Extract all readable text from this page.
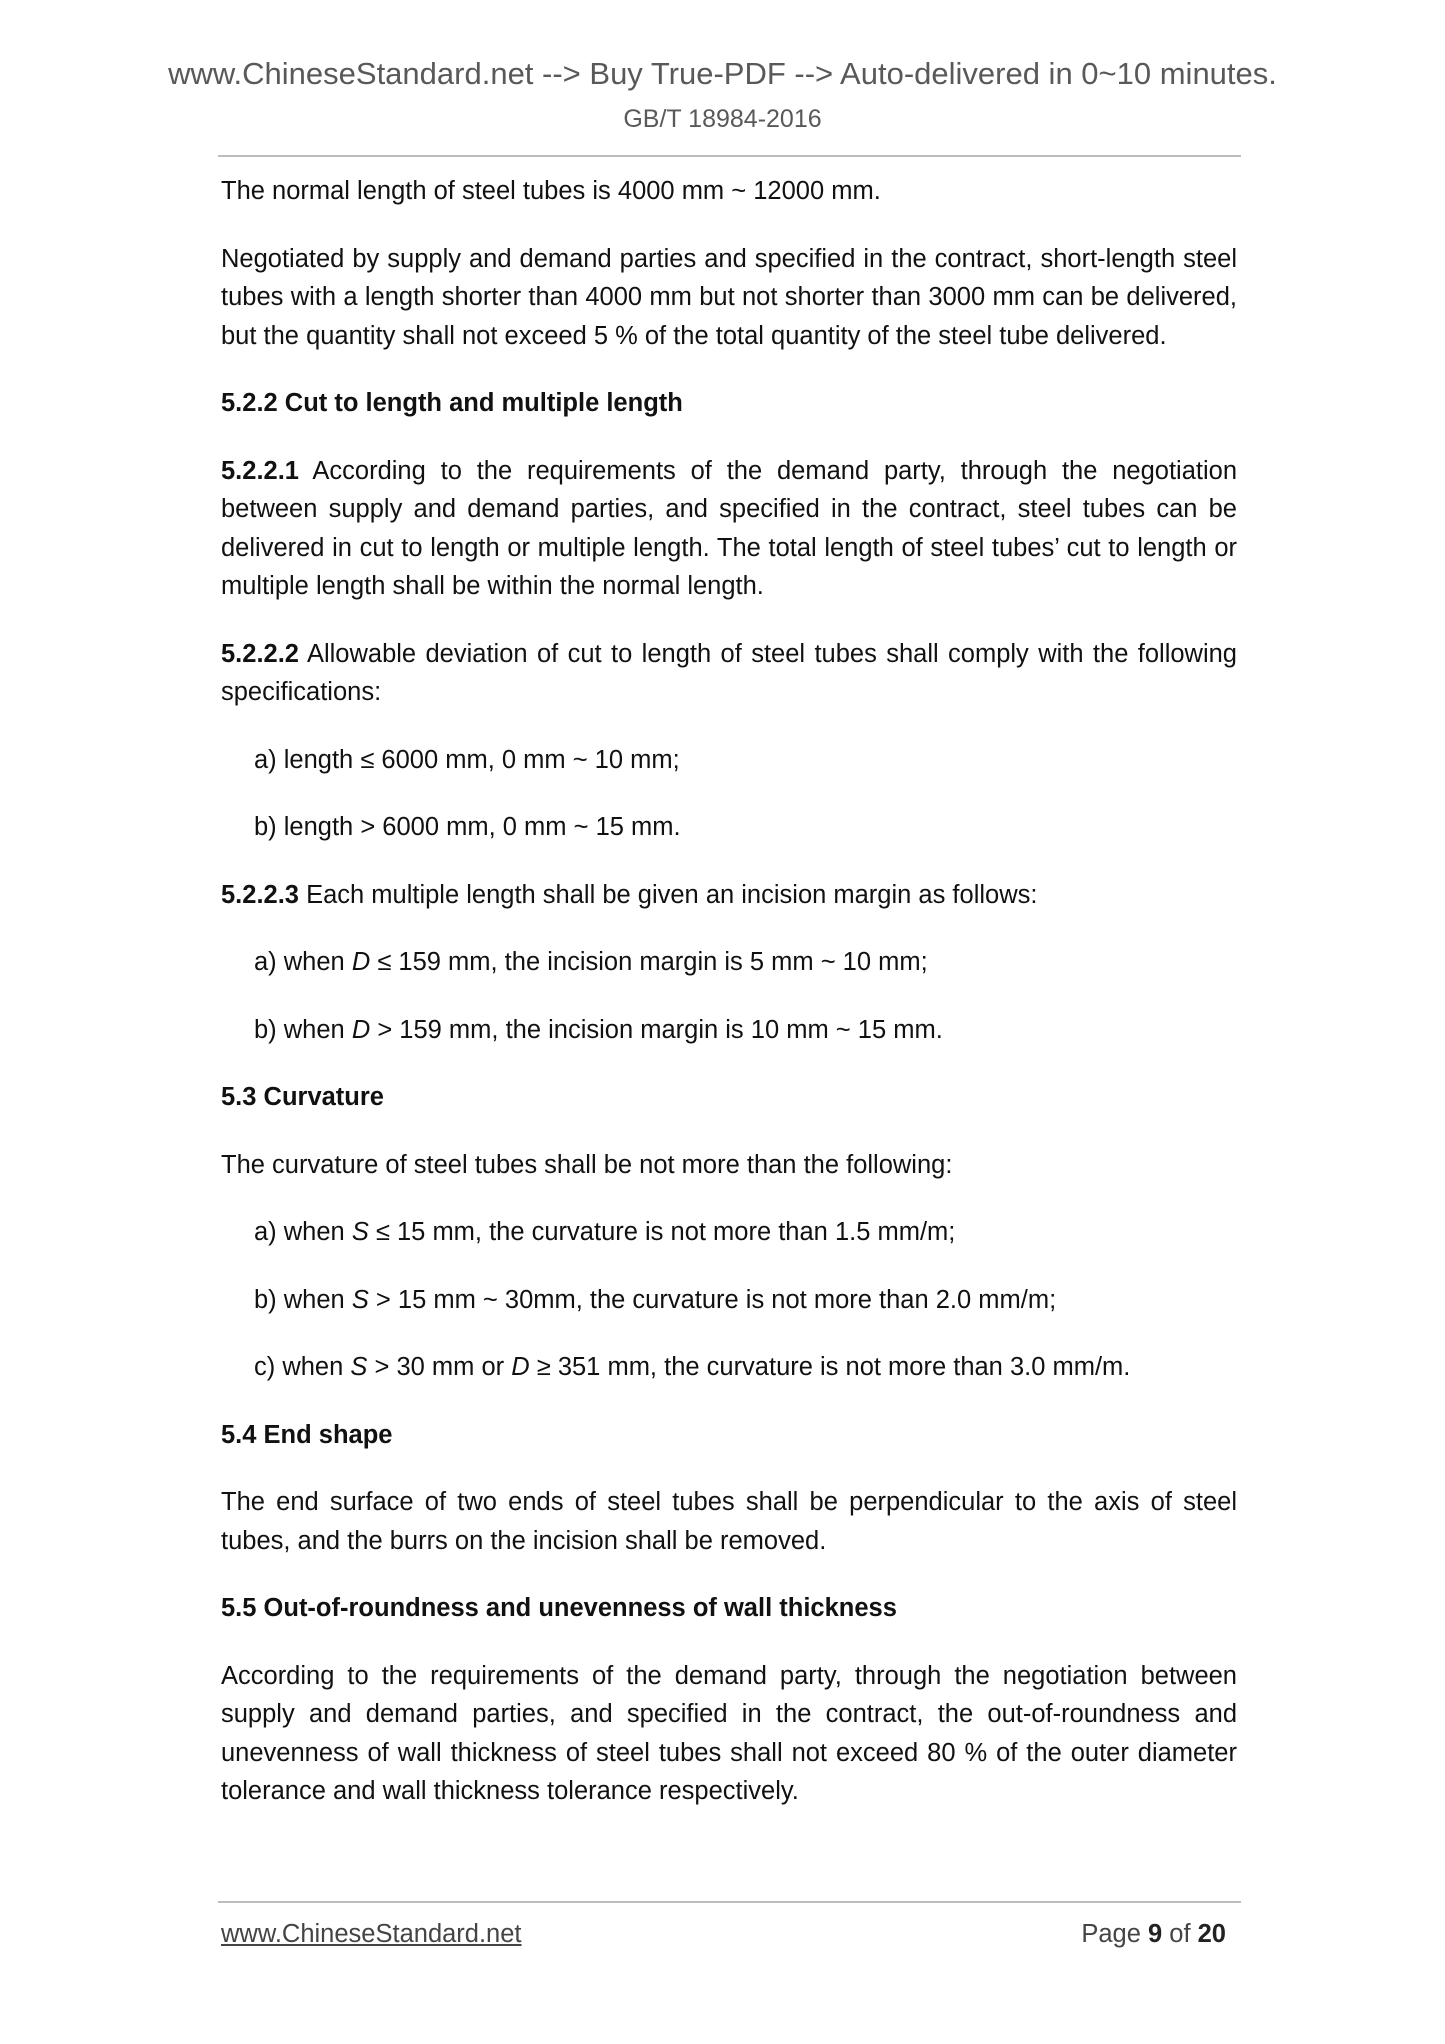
www.ChineseStandard.net --> Buy True-PDF --> Auto-delivered in 0~10 minutes.
GB/T 18984-2016

The normal length of steel tubes is 4000 mm ~ 12000 mm.

Negotiated by supply and demand parties and specified in the contract, short-length steel tubes with a length shorter than 4000 mm but not shorter than 3000 mm can be delivered, but the quantity shall not exceed 5 % of the total quantity of the steel tube delivered.

5.2.2 Cut to length and multiple length

5.2.2.1 According to the requirements of the demand party, through the negotiation between supply and demand parties, and specified in the contract, steel tubes can be delivered in cut to length or multiple length. The total length of steel tubes’ cut to length or multiple length shall be within the normal length.

5.2.2.2 Allowable deviation of cut to length of steel tubes shall comply with the following specifications:

a) length ≤ 6000 mm, 0 mm ~ 10 mm;

b) length > 6000 mm, 0 mm ~ 15 mm.

5.2.2.3 Each multiple length shall be given an incision margin as follows:

a) when D ≤ 159 mm, the incision margin is 5 mm ~ 10 mm;

b) when D > 159 mm, the incision margin is 10 mm ~ 15 mm.

5.3 Curvature

The curvature of steel tubes shall be not more than the following:

a) when S ≤ 15 mm, the curvature is not more than 1.5 mm/m;

b) when S > 15 mm ~ 30mm, the curvature is not more than 2.0 mm/m;

c) when S > 30 mm or D ≥ 351 mm, the curvature is not more than 3.0 mm/m.

5.4 End shape

The end surface of two ends of steel tubes shall be perpendicular to the axis of steel tubes, and the burrs on the incision shall be removed.

5.5 Out-of-roundness and unevenness of wall thickness

According to the requirements of the demand party, through the negotiation between supply and demand parties, and specified in the contract, the out-of-roundness and unevenness of wall thickness of steel tubes shall not exceed 80 % of the outer diameter tolerance and wall thickness tolerance respectively.

www.ChineseStandard.net	Page 9 of 20
